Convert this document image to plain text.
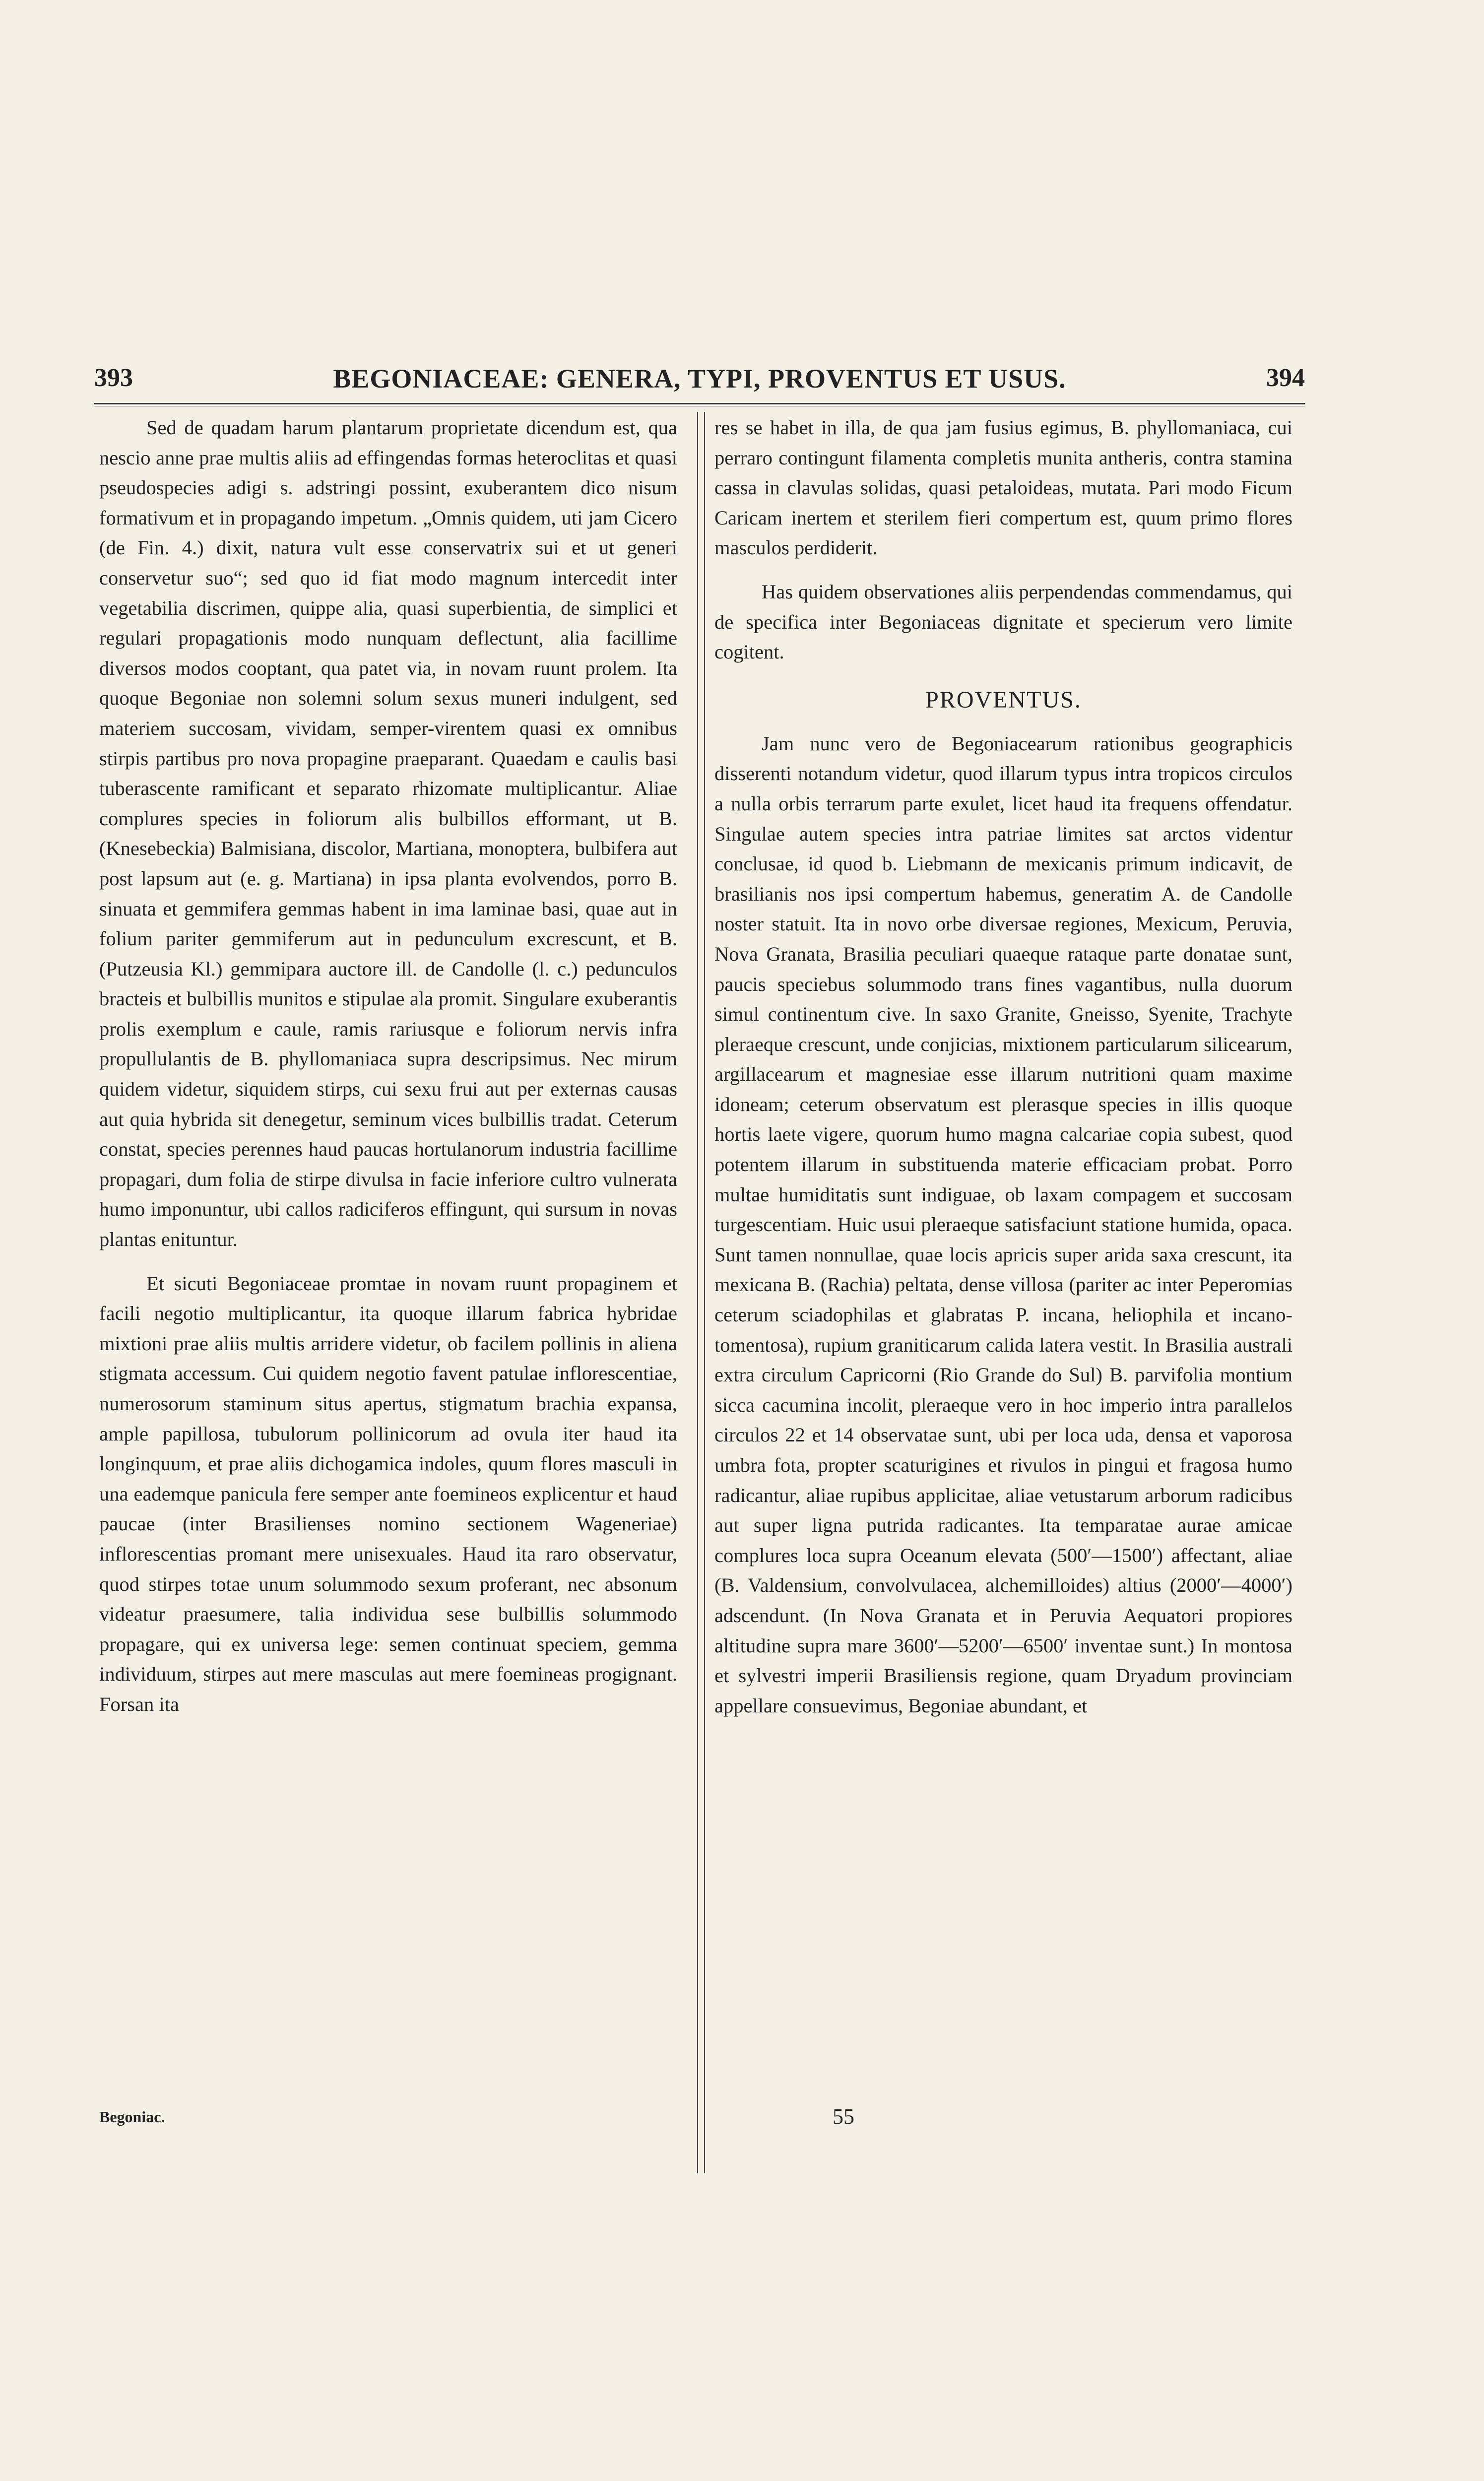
393	BEGONIACEAE: GENERA, TYPI, PROVENTUS ET USUS.	394

Sed de quadam harum plantarum proprietate dicendum est, qua nescio anne prae multis aliis ad effingendas formas heteroclitas et quasi pseudospecies adigi s. adstringi possint, exuberantem dico nisum formativum et in propagando impetum. „Omnis quidem, uti jam Cicero (de Fin. 4.) dixit, natura vult esse conservatrix sui et ut generi conservetur suo“; sed quo id fiat modo magnum intercedit inter vegetabilia discrimen, quippe alia, quasi superbientia, de simplici et regulari propagationis modo nunquam deflectunt, alia facillime diversos modos cooptant, qua patet via, in novam ruunt prolem. Ita quoque Begoniae non solemni solum sexus muneri indulgent, sed materiem succosam, vividam, semper-virentem quasi ex omnibus stirpis partibus pro nova propagine praeparant. Quaedam e caulis basi tuberascente ramificant et separato rhizomate multiplicantur. Aliae complures species in foliorum alis bulbillos efformant, ut B. (Knesebeckia) Balmisiana, discolor, Martiana, monoptera, bulbifera aut post lapsum aut (e. g. Martiana) in ipsa planta evolvendos, porro B. sinuata et gemmifera gemmas habent in ima laminae basi, quae aut in folium pariter gemmiferum aut in pedunculum excrescunt, et B. (Putzeusia Kl.) gemmipara auctore ill. de Candolle (l. c.) pedunculos bracteis et bulbillis munitos e stipulae ala promit. Singulare exuberantis prolis exemplum e caule, ramis rariusque e foliorum nervis infra propullulantis de B. phyllomaniaca supra descripsimus. Nec mirum quidem videtur, siquidem stirps, cui sexu frui aut per externas causas aut quia hybrida sit denegetur, seminum vices bulbillis tradat. Ceterum constat, species perennes haud paucas hortulanorum industria facillime propagari, dum folia de stirpe divulsa in facie inferiore cultro vulnerata humo imponuntur, ubi callos radiciferos effingunt, qui sursum in novas plantas enituntur.

Et sicuti Begoniaceae promtae in novam ruunt propaginem et facili negotio multiplicantur, ita quoque illarum fabrica hybridae mixtioni prae aliis multis arridere videtur, ob facilem pollinis in aliena stigmata accessum. Cui quidem negotio favent patulae inflorescentiae, numerosorum staminum situs apertus, stigmatum brachia expansa, ample papillosa, tubulorum pollinicorum ad ovula iter haud ita longinquum, et prae aliis dichogamica indoles, quum flores masculi in una eademque panicula fere semper ante foemineos explicentur et haud paucae (inter Brasilienses nomino sectionem Wageneriae) inflorescentias promant mere unisexuales. Haud ita raro observatur, quod stirpes totae unum solummodo sexum proferant, nec absonum videatur praesumere, talia individua sese bulbillis solummodo propagare, qui ex universa lege: semen continuat speciem, gemma individuum, stirpes aut mere masculas aut mere foemineas progignant. Forsan ita

res se habet in illa, de qua jam fusius egimus, B. phyllomaniaca, cui perraro contingunt filamenta completis munita antheris, contra stamina cassa in clavulas solidas, quasi petaloideas, mutata. Pari modo Ficum Caricam inertem et sterilem fieri compertum est, quum primo flores masculos perdiderit.

Has quidem observationes aliis perpendendas commendamus, qui de specifica inter Begoniaceas dignitate et specierum vero limite cogitent.

PROVENTUS.

Jam nunc vero de Begoniacearum rationibus geographicis disserenti notandum videtur, quod illarum typus intra tropicos circulos a nulla orbis terrarum parte exulet, licet haud ita frequens offendatur. Singulae autem species intra patriae limites sat arctos videntur conclusae, id quod b. Liebmann de mexicanis primum indicavit, de brasilianis nos ipsi compertum habemus, generatim A. de Candolle noster statuit. Ita in novo orbe diversae regiones, Mexicum, Peruvia, Nova Granata, Brasilia peculiari quaeque rataque parte donatae sunt, paucis speciebus solummodo trans fines vagantibus, nulla duorum simul continentum cive. In saxo Granite, Gneisso, Syenite, Trachyte pleraeque crescunt, unde conjicias, mixtionem particularum silicearum, argillacearum et magnesiae esse illarum nutritioni quam maxime idoneam; ceterum observatum est plerasque species in illis quoque hortis laete vigere, quorum humo magna calcariae copia subest, quod potentem illarum in substituenda materie efficaciam probat. Porro multae humiditatis sunt indiguae, ob laxam compagem et succosam turgescentiam. Huic usui pleraeque satisfaciunt statione humida, opaca. Sunt tamen nonnullae, quae locis apricis super arida saxa crescunt, ita mexicana B. (Rachia) peltata, dense villosa (pariter ac inter Peperomias ceterum sciadophilas et glabratas P. incana, heliophila et incano-tomentosa), rupium graniticarum calida latera vestit. In Brasilia australi extra circulum Capricorni (Rio Grande do Sul) B. parvifolia montium sicca cacumina incolit, pleraeque vero in hoc imperio intra parallelos circulos 22 et 14 observatae sunt, ubi per loca uda, densa et vaporosa umbra fota, propter scaturigines et rivulos in pingui et fragosa humo radicantur, aliae rupibus applicitae, aliae vetustarum arborum radicibus aut super ligna putrida radicantes. Ita temparatae aurae amicae complures loca supra Oceanum elevata (500′—1500′) affectant, aliae (B. Valdensium, convolvulacea, alchemilloides) altius (2000′—4000′) adscendunt. (In Nova Granata et in Peruvia Aequatori propiores altitudine supra mare 3600′—5200′—6500′ inventae sunt.) In montosa et sylvestri imperii Brasiliensis regione, quam Dryadum provinciam appellare consuevimus, Begoniae abundant, et

Begoniac.	55
